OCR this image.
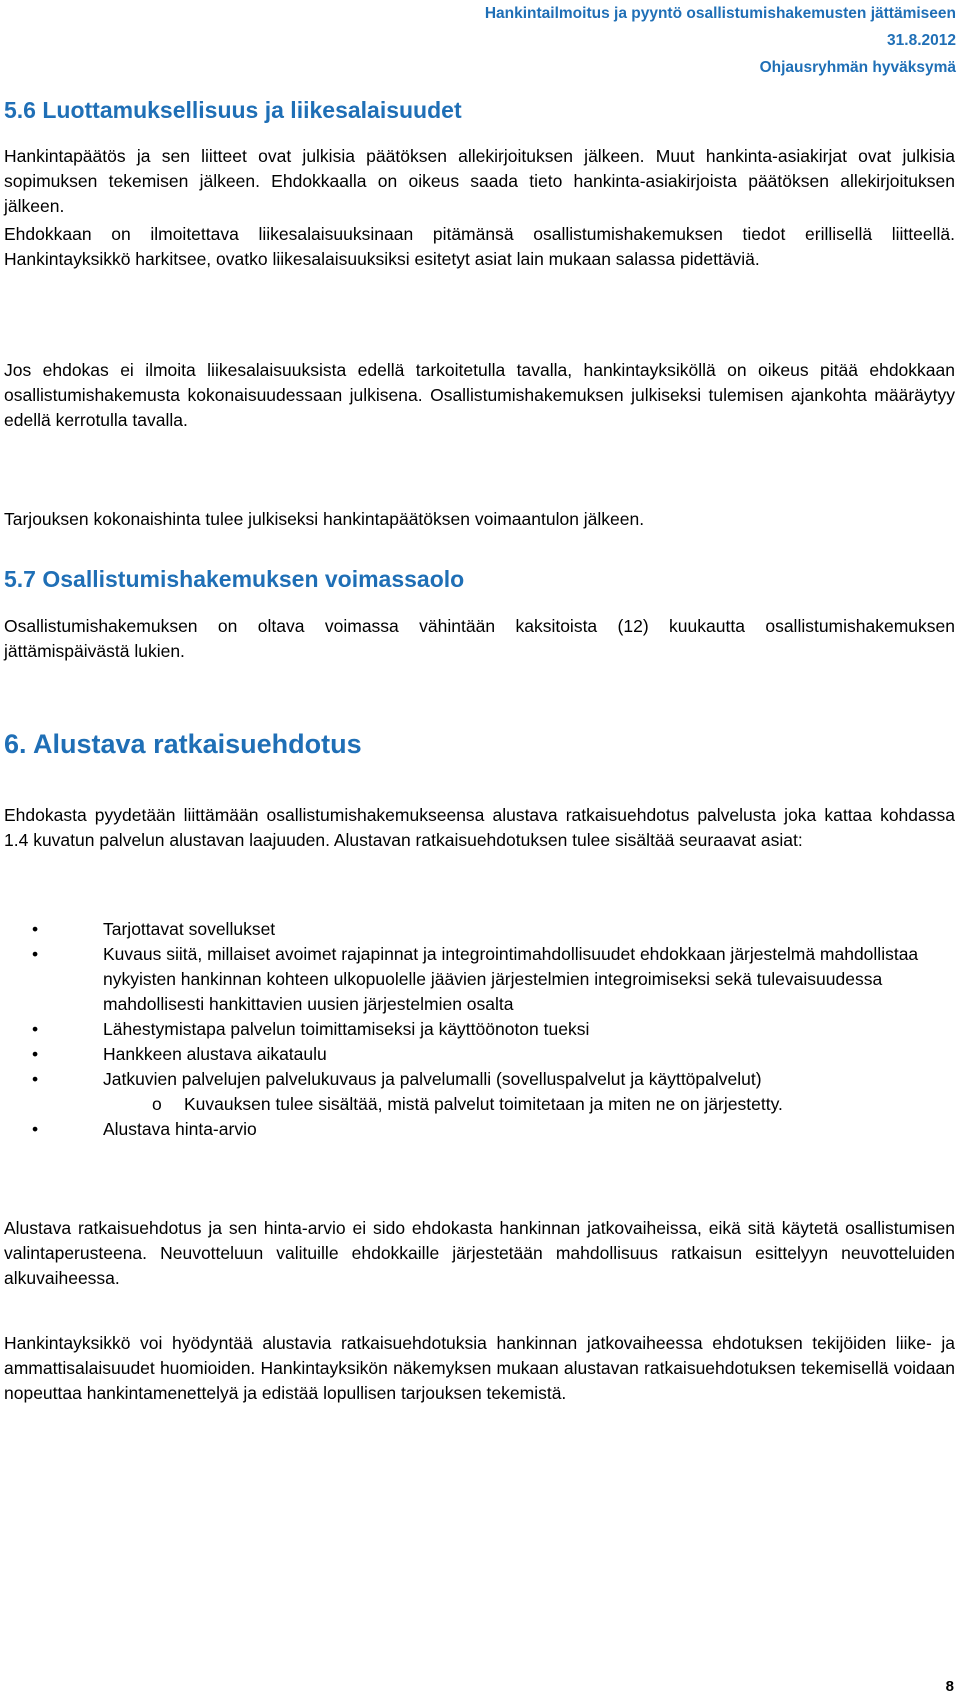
Hankintailmoitus ja pyyntö osallistumishakemusten jättämiseen
31.8.2012
Ohjausryhmän hyväksymä
5.6 Luottamuksellisuus ja liikesalaisuudet

Hankintapäätös ja sen liitteet ovat julkisia päätöksen allekirjoituksen jälkeen. Muut hankinta-asiakirjat ovat julkisia sopimuksen tekemisen jälkeen. Ehdokkaalla on oikeus saada tieto hankinta-asiakirjoista päätöksen allekirjoituksen jälkeen.

Ehdokkaan on ilmoitettava liikesalaisuuksinaan pitämänsä osallistumishakemuksen tiedot erillisellä liitteellä. Hankintayksikkö harkitsee, ovatko liikesalaisuuksiksi esitetyt asiat lain mukaan salassa pidettäviä.

Jos ehdokas ei ilmoita liikesalaisuuksista edellä tarkoitetulla tavalla, hankintayksiköllä on oikeus pitää ehdokkaan osallistumishakemusta kokonaisuudessaan julkisena. Osallistumishakemuksen julkiseksi tulemisen ajankohta määräytyy edellä kerrotulla tavalla.

Tarjouksen kokonaishinta tulee julkiseksi hankintapäätöksen voimaantulon jälkeen.

5.7 Osallistumishakemuksen voimassaolo

Osallistumishakemuksen on oltava voimassa vähintään kaksitoista (12) kuukautta osallistumishakemuksen jättämispäivästä lukien.

6. Alustava ratkaisuehdotus

Ehdokasta pyydetään liittämään osallistumishakemukseensa alustava ratkaisuehdotus palvelusta joka kattaa kohdassa 1.4 kuvatun palvelun alustavan laajuuden. Alustavan ratkaisuehdotuksen tulee sisältää seuraavat asiat:

•	Tarjottavat sovellukset
•	Kuvaus siitä, millaiset avoimet rajapinnat ja integrointimahdollisuudet ehdokkaan järjestelmä mahdollistaa nykyisten hankinnan kohteen ulkopuolelle jäävien järjestelmien integroimiseksi sekä tulevaisuudessa mahdollisesti hankittavien uusien järjestelmien osalta
•	Lähestymistapa palvelun toimittamiseksi ja käyttöönoton tueksi
•	Hankkeen alustava aikataulu
•	Jatkuvien palvelujen palvelukuvaus ja palvelumalli (sovelluspalvelut ja käyttöpalvelut)
o Kuvauksen tulee sisältää, mistä palvelut toimitetaan ja miten ne on järjestetty.
•	Alustava hinta-arvio

Alustava ratkaisuehdotus ja sen hinta-arvio ei sido ehdokasta hankinnan jatkovaiheissa, eikä sitä käytetä osallistumisen valintaperusteena. Neuvotteluun valituille ehdokkaille järjestetään mahdollisuus ratkaisun esittelyyn neuvotteluiden alkuvaiheessa.

Hankintayksikkö voi hyödyntää alustavia ratkaisuehdotuksia hankinnan jatkovaiheessa ehdotuksen tekijöiden liike- ja ammattisalaisuudet huomioiden. Hankintayksikön näkemyksen mukaan alustavan ratkaisuehdotuksen tekemisellä voidaan nopeuttaa hankintamenettelyä ja edistää lopullisen tarjouksen tekemistä.

8
